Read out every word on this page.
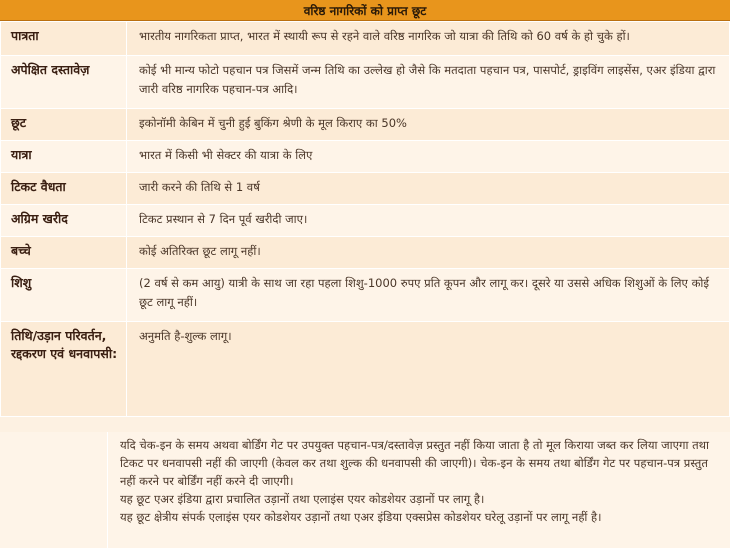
वरिष्ठ नागरिकों को प्राप्त छूट
पात्रता	भारतीय नागरिकता प्राप्त, भारत में स्थायी रूप से रहने वाले वरिष्ठ नागरिक जो यात्रा की तिथि को 60 वर्ष के हो चुके हों।
अपेक्षित दस्तावेज़	कोई भी मान्य फोटो पहचान पत्र जिसमें जन्म तिथि का उल्लेख हो जैसे कि मतदाता पहचान पत्र, पासपोर्ट, ड्राइविंग लाइसेंस, एअर इंडिया द्वारा जारी वरिष्ठ नागरिक पहचान-पत्र आदि।
छूट	इकोनॉमी केबिन में चुनी हुई बुकिंग श्रेणी के मूल किराए का 50%
यात्रा	भारत में किसी भी सेक्टर की यात्रा के लिए
टिकट वैधता	जारी करने की तिथि से 1 वर्ष
अग्रिम खरीद	टिकट प्रस्थान से 7 दिन पूर्व खरीदी जाए।
बच्चे	कोई अतिरिक्त छूट लागू नहीं।
शिशु	(2 वर्ष से कम आयु) यात्री के साथ जा रहा पहला शिशु-1000 रुपए प्रति कूपन और लागू कर। दूसरे या उससे अधिक शिशुओं के लिए कोई छूट लागू नहीं।
तिथि/उड़ान परिवर्तन, रद्दकरण एवं धनवापसी:	अनुमति है-शुल्क लागू।

यदि चेक-इन के समय अथवा बोर्डिंग गेट पर उपयुक्त पहचान-पत्र/दस्तावेज़ प्रस्तुत नहीं किया जाता है तो मूल किराया जब्त कर लिया जाएगा तथा टिकट पर धनवापसी नहीं की जाएगी (केवल कर तथा शुल्क की धनवापसी की जाएगी)। चेक-इन के समय तथा बोर्डिंग गेट पर पहचान-पत्र प्रस्तुत नहीं करने पर बोर्डिंग नहीं करने दी जाएगी।

यह छूट एअर इंडिया द्वारा प्रचालित उड़ानों तथा एलाइंस एयर कोडशेयर उड़ानों पर लागू है।

यह छूट क्षेत्रीय संपर्क एलाइंस एयर कोडशेयर उड़ानों तथा एअर इंडिया एक्सप्रेस कोडशेयर घरेलू उड़ानों पर लागू नहीं है।
